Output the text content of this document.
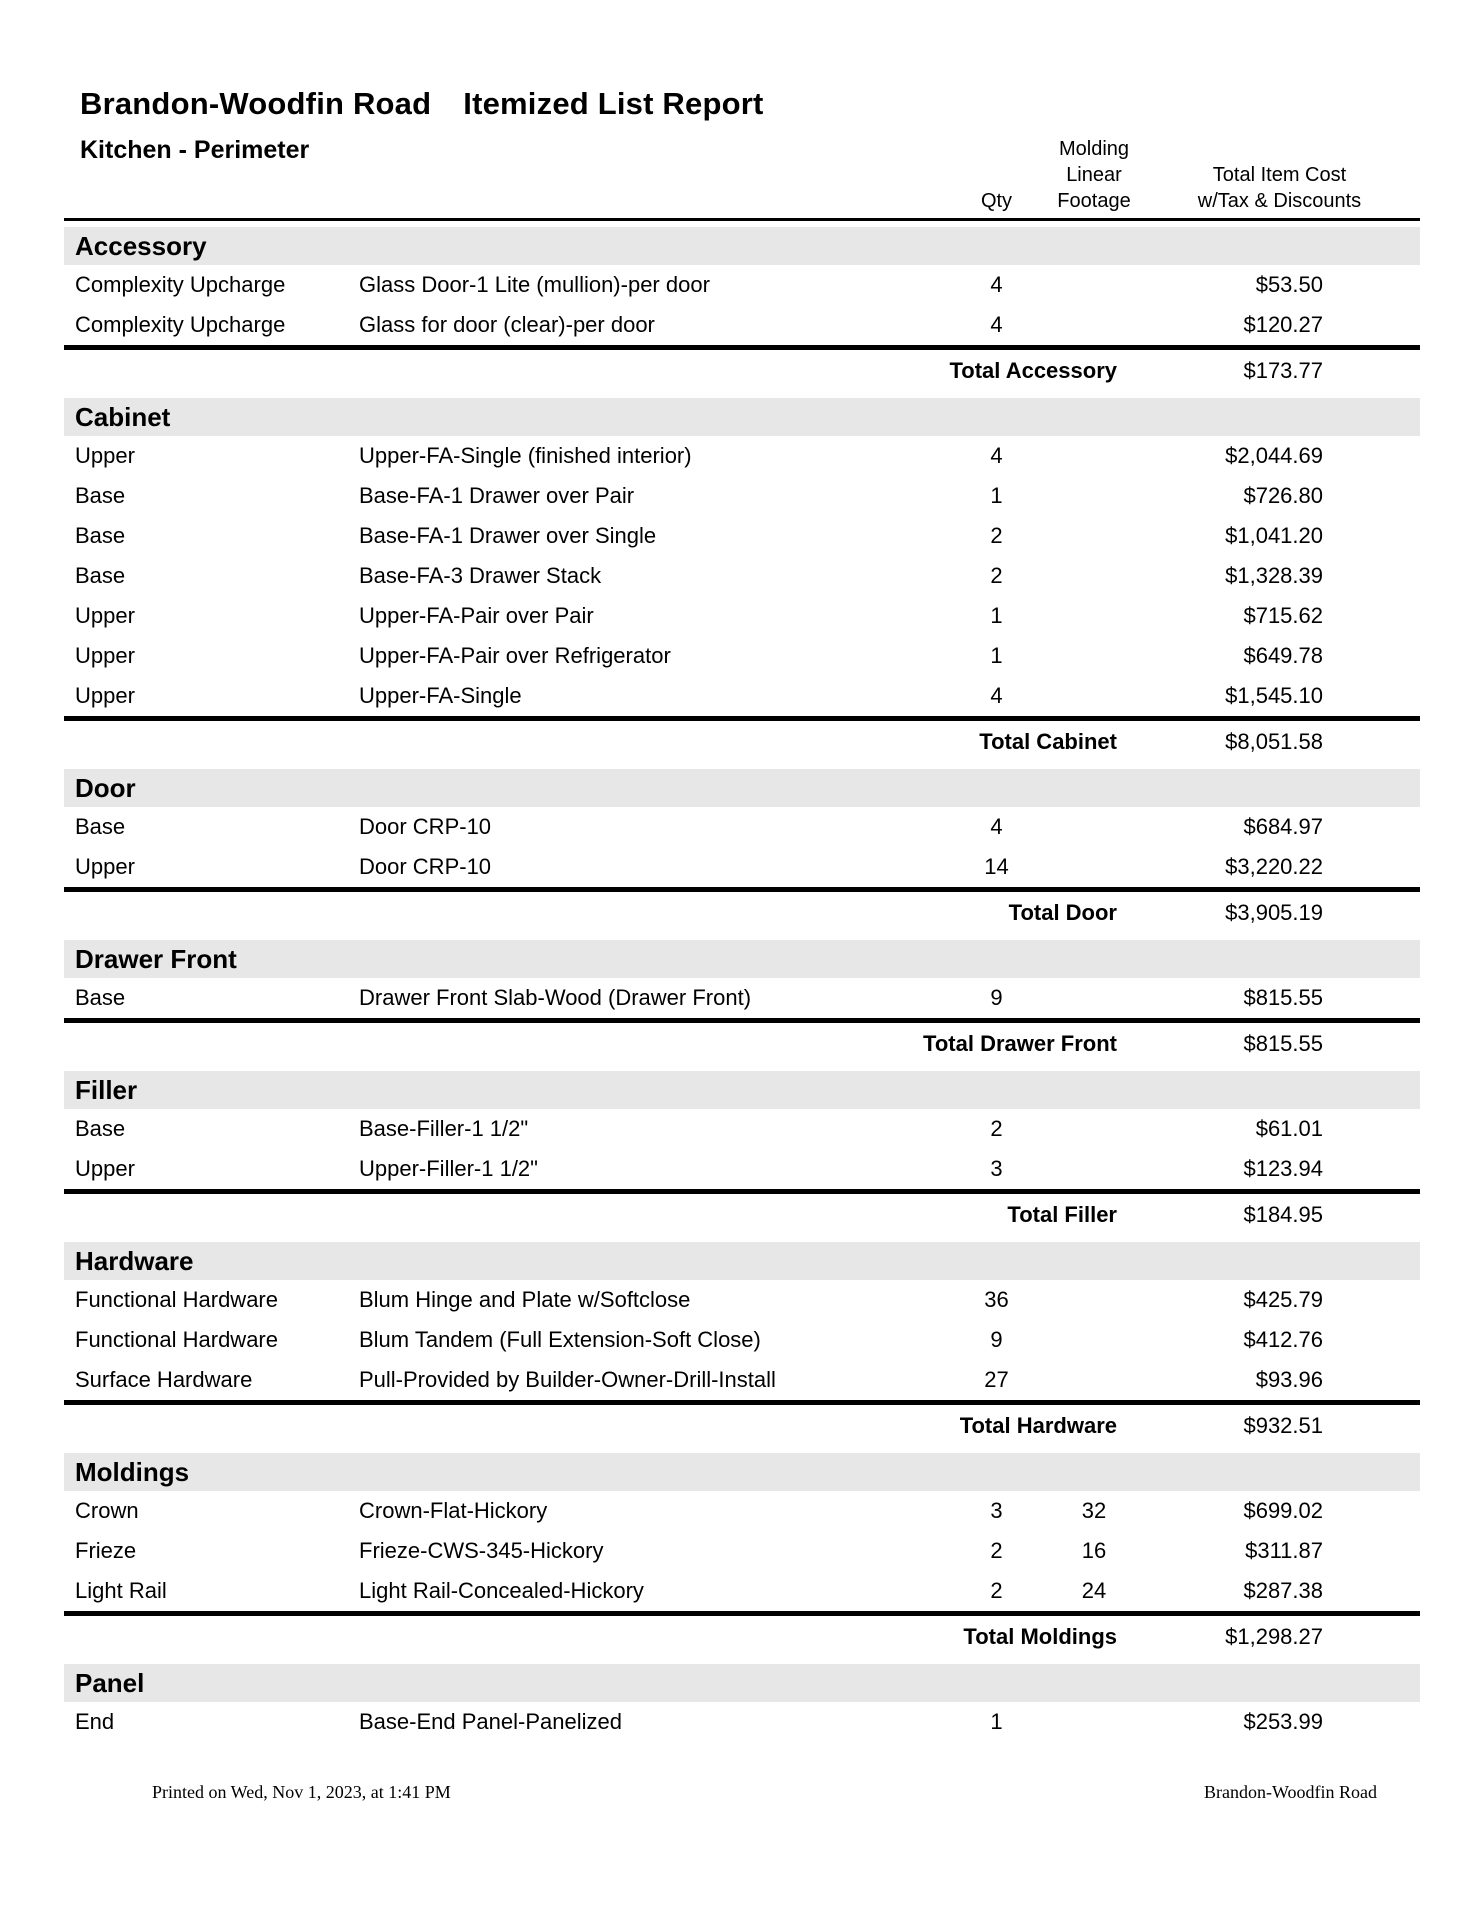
Brandon-Woodfin Road Itemized List Report
Kitchen - Perimeter
Qty
Molding
Linear
Footage
Total Item Cost
w/Tax & Discounts
Accessory
Complexity Upcharge	Glass Door-1 Lite (mullion)-per door	4	$53.50
Complexity Upcharge	Glass for door (clear)-per door	4	$120.27
Total Accessory	$173.77
Cabinet
Upper	Upper-FA-Single (finished interior)	4	$2,044.69
Base	Base-FA-1 Drawer over Pair	1	$726.80
Base	Base-FA-1 Drawer over Single	2	$1,041.20
Base	Base-FA-3 Drawer Stack	2	$1,328.39
Upper	Upper-FA-Pair over Pair	1	$715.62
Upper	Upper-FA-Pair over Refrigerator	1	$649.78
Upper	Upper-FA-Single	4	$1,545.10
Total Cabinet	$8,051.58
Door
Base	Door CRP-10	4	$684.97
Upper	Door CRP-10	14	$3,220.22
Total Door	$3,905.19
Drawer Front
Base	Drawer Front Slab-Wood (Drawer Front)	9	$815.55
Total Drawer Front	$815.55
Filler
Base	Base-Filler-1 1/2"	2	$61.01
Upper	Upper-Filler-1 1/2"	3	$123.94
Total Filler	$184.95
Hardware
Functional Hardware	Blum Hinge and Plate w/Softclose	36	$425.79
Functional Hardware	Blum Tandem (Full Extension-Soft Close)	9	$412.76
Surface Hardware	Pull-Provided by Builder-Owner-Drill-Install	27	$93.96
Total Hardware	$932.51
Moldings
Crown	Crown-Flat-Hickory	3	32	$699.02
Frieze	Frieze-CWS-345-Hickory	2	16	$311.87
Light Rail	Light Rail-Concealed-Hickory	2	24	$287.38
Total Moldings	$1,298.27
Panel
End	Base-End Panel-Panelized	1	$253.99
Printed on Wed, Nov 1, 2023, at 1:41 PM	Brandon-Woodfin Road
